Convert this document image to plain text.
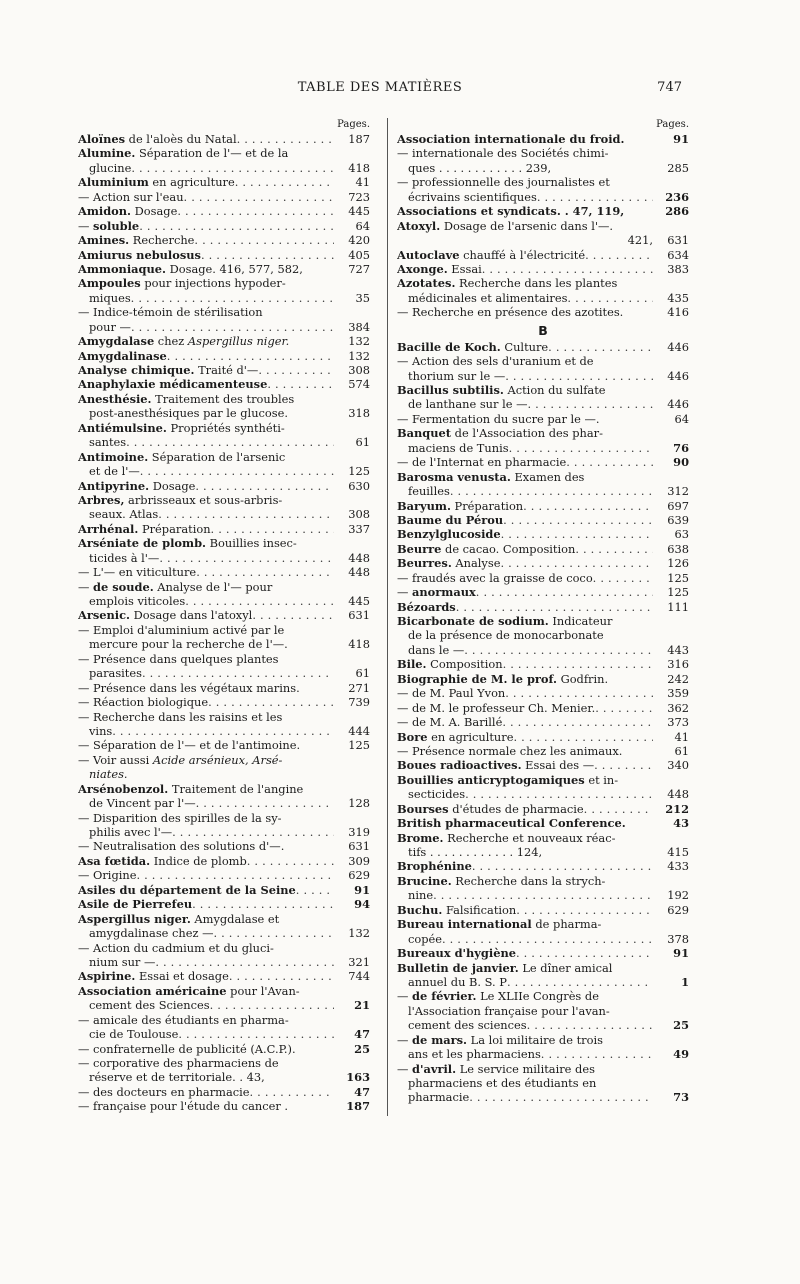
TABLE DES MATIÈRES	747
Pages.
Aloïnes de l'aloès du Natal . . .	187
Alumine. Séparation de l'— et de la
glucine . . .	418
Aluminium en agriculture . . .	41
— Action sur l'eau . . .	723
Amidon. Dosage . . .	445
— soluble . . .	64
Amines. Recherche . . .	420
Amiurus nebulosus . . .	405
Ammoniaque. Dosage. 416, 577, 582,	727
Ampoules pour injections hypoder-
miques . . .	35
— Indice-témoin de stérilisation
pour — . . .	384
Amygdalase chez Aspergillus niger.	132
Amygdalinase . . .	132
Analyse chimique. Traité d'— . . .	308
Anaphylaxie médicamenteuse . . .	574
Anesthésie. Traitement des troubles
post-anesthésiques par le glucose.	318
Antiémulsine. Propriétés synthéti-
santes . . .	61
Antimoine. Séparation de l'arsenic
et de l'— . . .	125
Antipyrine. Dosage . . .	630
Arbres, arbrisseaux et sous-arbris-
seaux. Atlas . . .	308
Arrhénal. Préparation . . .	337
Arséniate de plomb. Bouillies insec-
ticides à l'— . . .	448
— L'— en viticulture . . .	448
— de soude. Analyse de l'— pour
emplois viticoles . . .	445
Arsenic. Dosage dans l'atoxyl . . .	631
— Emploi d'aluminium activé par le
mercure pour la recherche de l'—.	418
— Présence dans quelques plantes
parasites . . .	61
— Présence dans les végétaux marins.	271
— Réaction biologique . . .	739
— Recherche dans les raisins et les
vins . . .	444
— Séparation de l'— et de l'antimoine.	125
— Voir aussi Acide arsénieux, Arsé-
niates.
Arsénobenzol. Traitement de l'angine
de Vincent par l'— . . .	128
— Disparition des spirilles de la sy-
philis avec l'— . . .	319
— Neutralisation des solutions d'—.	631
Asa fœtida. Indice de plomb . . .	309
— Origine . . .	629
Asiles du département de la Seine . . .	91
Asile de Pierrefeu . . .	94
Aspergillus niger. Amygdalase et
amygdalinase chez — . . .	132
— Action du cadmium et du gluci-
nium sur — . . .	321
Aspirine. Essai et dosage . . .	744
Association américaine pour l'Avan-
cement des Sciences . . .	21
— amicale des étudiants en pharma-
cie de Toulouse . . .	47
— confraternelle de publicité (A.C.P.).	25
— corporative des pharmaciens de
réserve et de territoriale. . 43,	163
— des docteurs en pharmacie . . .	47
— française pour l'étude du cancer .	187
Pages.
Association internationale du froid.	91
— internationale des Sociétés chimi-
ques . . . . . . . . . . . . 239,	285
— professionnelle des journalistes et
écrivains scientifiques . . .	236
Associations et syndicats. . 47, 119,	286
Atoxyl. Dosage de l'arsenic dans l'—.
421,	631
Autoclave chauffé à l'électricité . . .	634
Axonge. Essai . . .	383
Azotates. Recherche dans les plantes
médicinales et alimentaires . . .	435
— Recherche en présence des azotites.	416
B
Bacille de Koch. Culture . . .	446
— Action des sels d'uranium et de
thorium sur le — . . .	446
Bacillus subtilis. Action du sulfate
de lanthane sur le — . . .	446
— Fermentation du sucre par le —.	64
Banquet de l'Association des phar-
maciens de Tunis . . .	76
— de l'Internat en pharmacie . . .	90
Barosma venusta. Examen des
feuilles . . .	312
Baryum. Préparation . . .	697
Baume du Pérou . . .	639
Benzylglucoside . . .	63
Beurre de cacao. Composition . . .	638
Beurres. Analyse . . .	126
— fraudés avec la graisse de coco . . .	125
— anormaux . . .	125
Bézoards . . .	111
Bicarbonate de sodium. Indicateur
de la présence de monocarbonate
dans le — . . .	443
Bile. Composition . . .	316
Biographie de M. le prof. Godfrin.	242
— de M. Paul Yvon . . .	359
— de M. le professeur Ch. Menier. . . .	362
— de M. A. Barillé . . .	373
Bore en agriculture . . .	41
— Présence normale chez les animaux.	61
Boues radioactives. Essai des — . . .	340
Bouillies anticryptogamiques et in-
secticides . . .	448
Bourses d'études de pharmacie . . .	212
British pharmaceutical Conference.	43
Brome. Recherche et nouveaux réac-
tifs . . . . . . . . . . . . 124,	415
Brophénine . . .	433
Brucine. Recherche dans la strych-
nine . . .	192
Buchu. Falsification . . .	629
Bureau international de pharma-
copée . . .	378
Bureaux d'hygiène . . .	91
Bulletin de janvier. Le dîner amical
annuel du B. S. P . . .	1
— de février. Le XLIIe Congrès de
l'Association française pour l'avan-
cement des sciences . . .	25
— de mars. La loi militaire de trois
ans et les pharmaciens . . .	49
— d'avril. Le service militaire des
pharmaciens et des étudiants en
pharmacie . . .	73
